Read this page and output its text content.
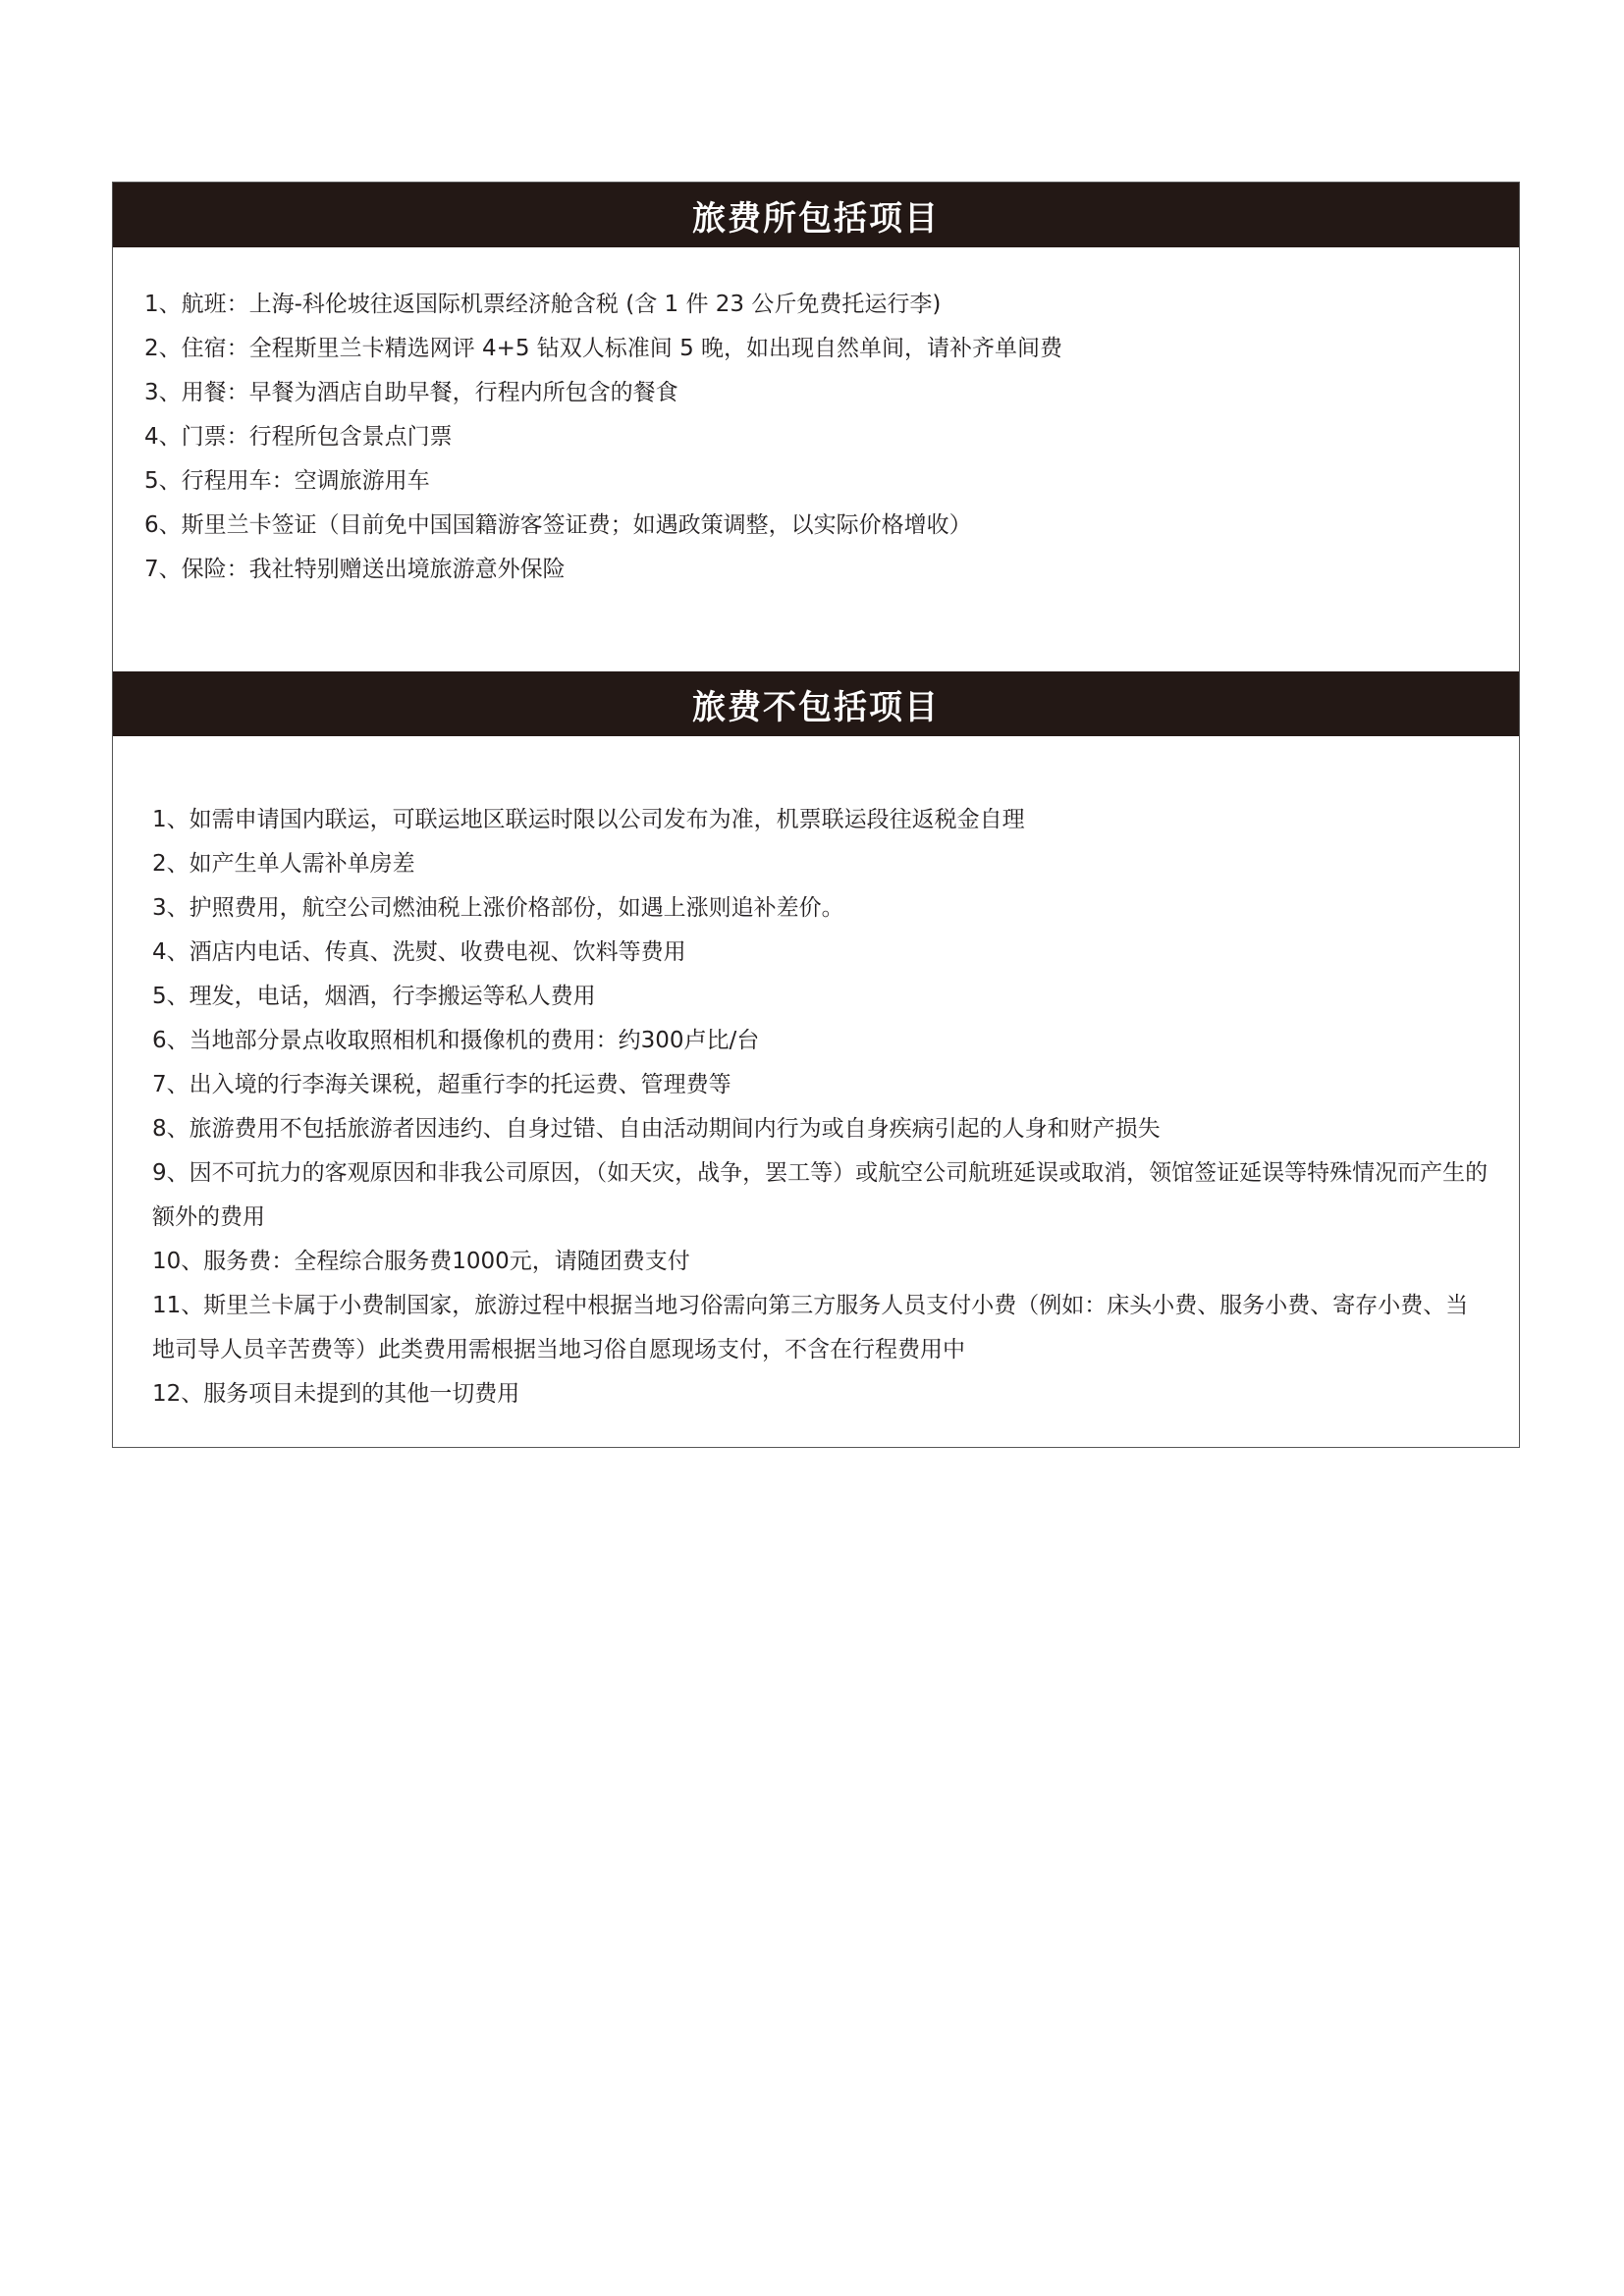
旅费所包括项目
1、航班：上海-科伦坡往返国际机票经济舱含税 (含 1 件 23 公斤免费托运行李)
2、住宿：全程斯里兰卡精选网评 4+5 钻双人标准间 5 晚，如出现自然单间，请补齐单间费
3、用餐：早餐为酒店自助早餐，行程内所包含的餐食
4、门票：行程所包含景点门票
5、行程用车：空调旅游用车
6、斯里兰卡签证（目前免中国国籍游客签证费；如遇政策调整，以实际价格增收）
7、保险：我社特别赠送出境旅游意外保险
旅费不包括项目
1、如需申请国内联运，可联运地区联运时限以公司发布为准，机票联运段往返税金自理
2、如产生单人需补单房差
3、护照费用，航空公司燃油税上涨价格部份，如遇上涨则追补差价。
4、酒店内电话、传真、洗熨、收费电视、饮料等费用
5、理发，电话，烟酒，行李搬运等私人费用
6、当地部分景点收取照相机和摄像机的费用：约300卢比/台
7、出入境的行李海关课税，超重行李的托运费、管理费等
8、旅游费用不包括旅游者因违约、自身过错、自由活动期间内行为或自身疾病引起的人身和财产损失
9、因不可抗力的客观原因和非我公司原因，（如天灾，战争，罢工等）或航空公司航班延误或取消，领馆签证延误等特殊情况而产生的额外的费用
10、服务费：全程综合服务费1000元，请随团费支付
11、斯里兰卡属于小费制国家，旅游过程中根据当地习俗需向第三方服务人员支付小费（例如：床头小费、服务小费、寄存小费、当地司导人员辛苦费等）此类费用需根据当地习俗自愿现场支付，不含在行程费用中
12、服务项目未提到的其他一切费用
